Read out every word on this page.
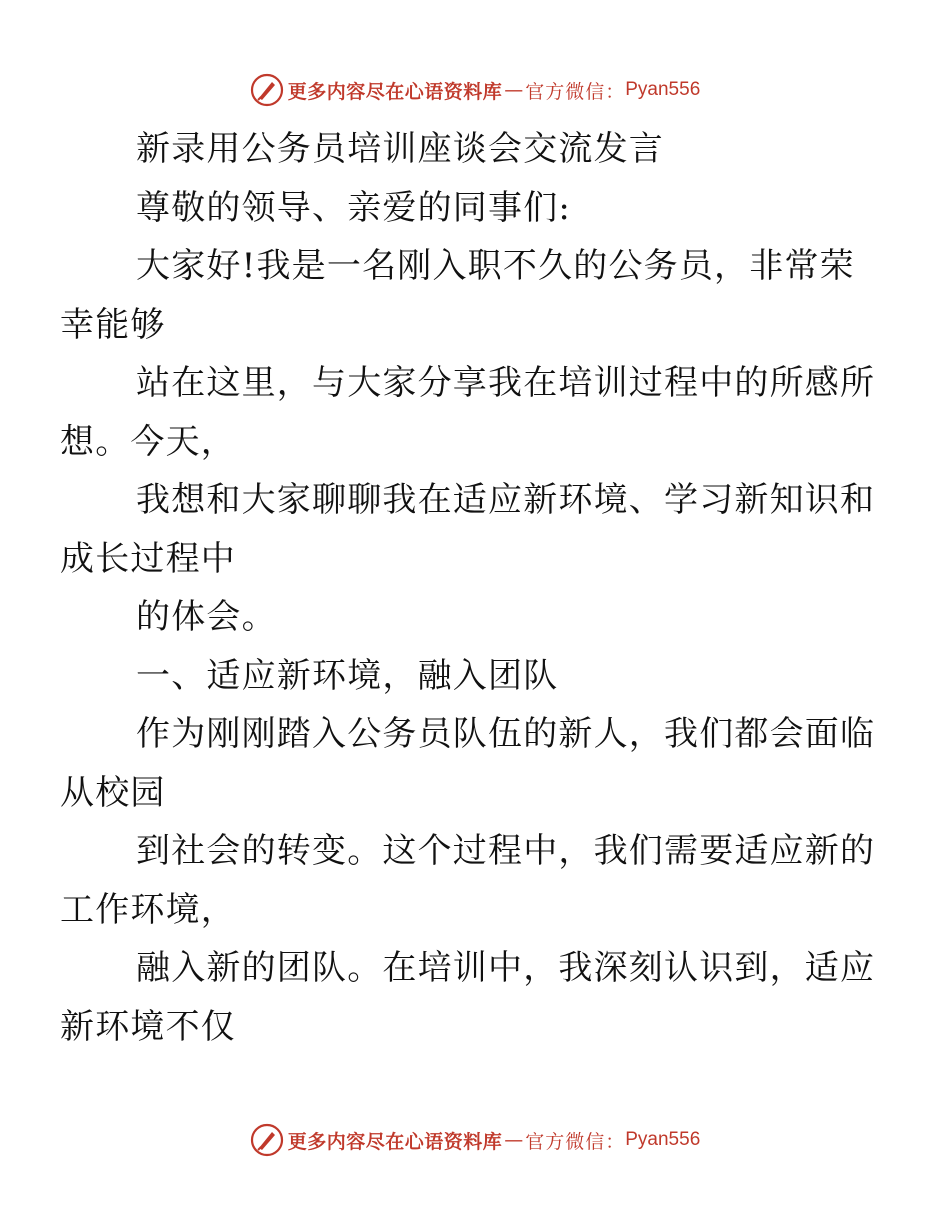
更多内容尽在心语资料库 — 官方微信： Pyan556

新录用公务员培训座谈会交流发言

尊敬的领导、亲爱的同事们:

大家好!我是一名刚入职不久的公务员，非常荣
幸能够

站在这里，与大家分享我在培训过程中的所感所
想。今天，

我想和大家聊聊我在适应新环境、学习新知识和
成长过程中

的体会。

一、适应新环境，融入团队

作为刚刚踏入公务员队伍的新人，我们都会面临
从校园

到社会的转变。这个过程中，我们需要适应新的
工作环境，

融入新的团队。在培训中，我深刻认识到，适应
新环境不仅

更多内容尽在心语资料库 — 官方微信： Pyan556
